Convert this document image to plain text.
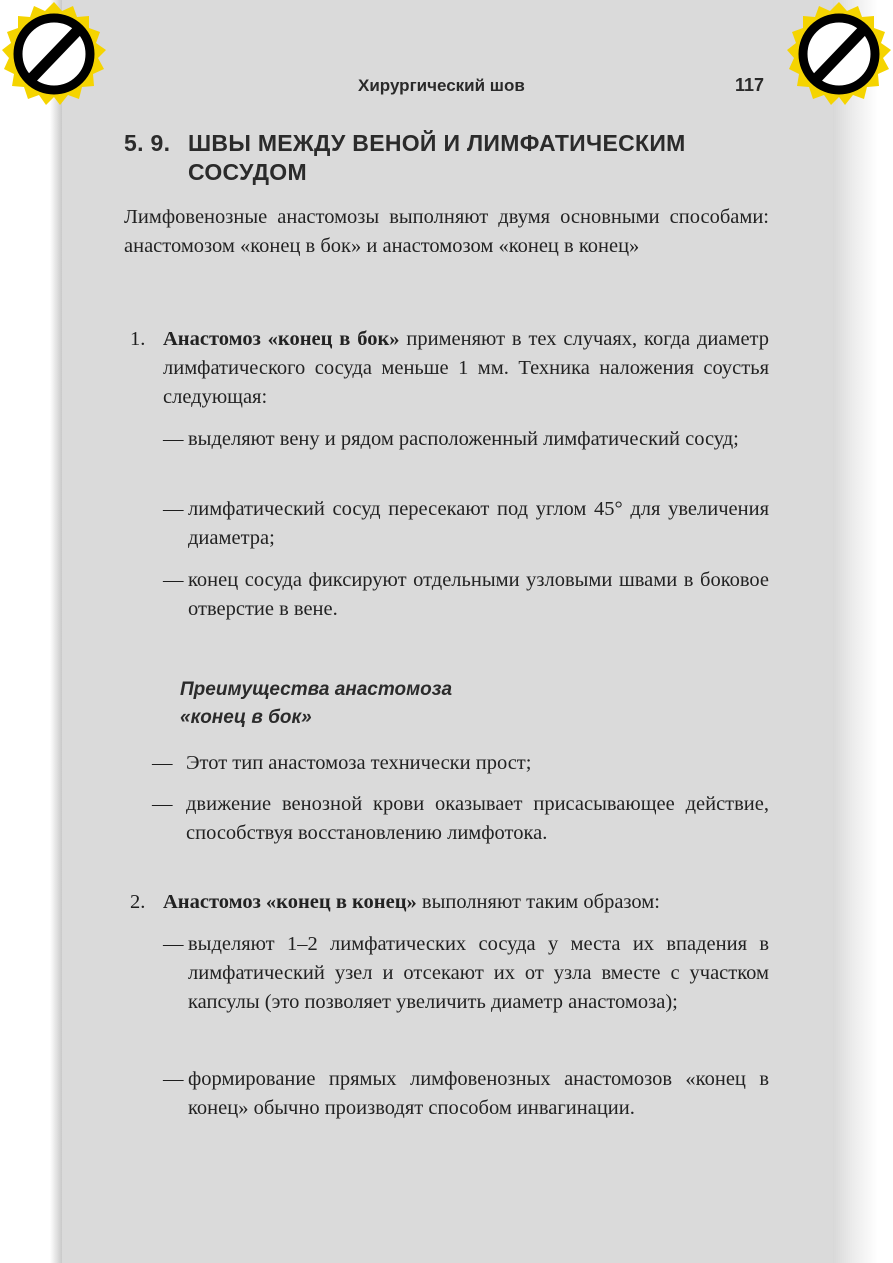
Хирургический шов	117
5. 9. ШВЫ МЕЖДУ ВЕНОЙ И ЛИМФАТИЧЕСКИМ
СОСУДОМ
Лимфовенозные анастомозы выполняют двумя основными способами: анастомозом «конец в бок» и анастомозом «конец в конец»
1. Анастомоз «конец в бок» применяют в тех случаях, когда диаметр лимфатического сосуда меньше 1 мм. Техника наложения соустья следующая:
— выделяют вену и рядом расположенный лимфатический сосуд;
— лимфатический сосуд пересекают под углом 45° для увеличения диаметра;
— конец сосуда фиксируют отдельными узловыми швами в боковое отверстие в вене.
Преимущества анастомоза
«конец в бок»
— Этот тип анастомоза технически прост;
— движение венозной крови оказывает присасывающее действие, способствуя восстановлению лимфотока.
2. Анастомоз «конец в конец» выполняют таким образом:
— выделяют 1–2 лимфатических сосуда у места их впадения в лимфатический узел и отсекают их от узла вместе с участком капсулы (это позволяет увеличить диаметр анастомоза);
— формирование прямых лимфовенозных анастомозов «конец в конец» обычно производят способом инвагинации.
